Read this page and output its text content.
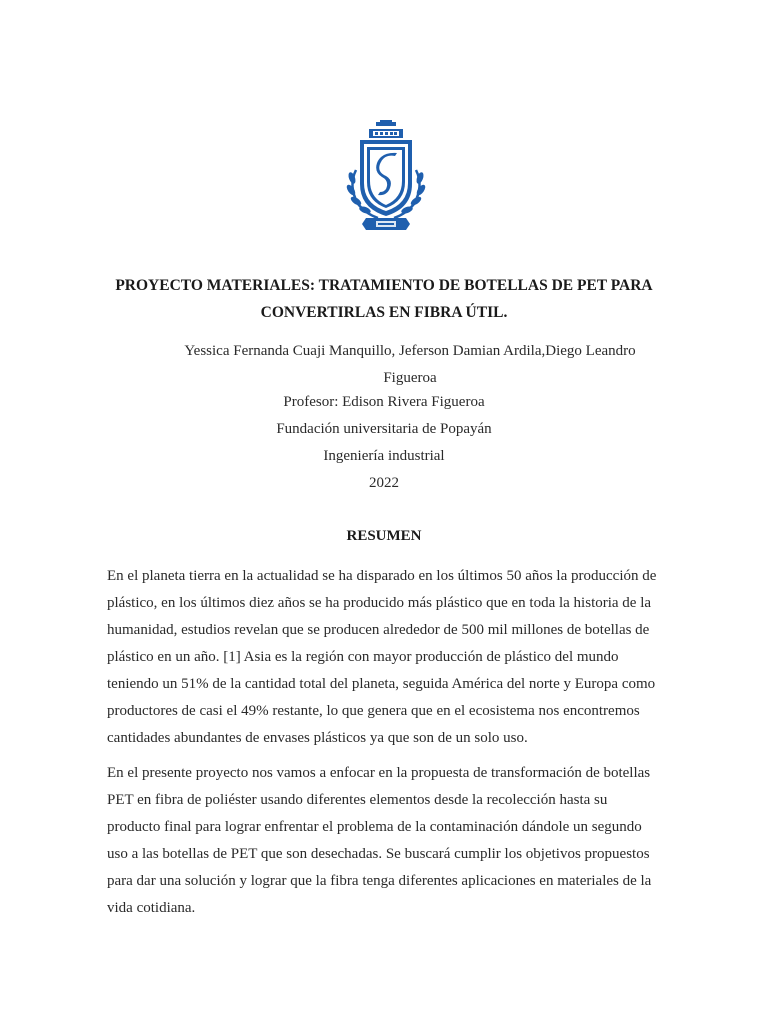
PROYECTO MATERIALES: TRATAMIENTO DE BOTELLAS DE PET PARA
CONVERTIRLAS EN FIBRA ÚTIL.

Yessica Fernanda Cuaji Manquillo, Jeferson Damian Ardila,Diego Leandro
Figueroa

Profesor: Edison Rivera Figueroa

Fundación universitaria de Popayán

Ingeniería industrial

2022

RESUMEN

En el planeta tierra en la actualidad se ha disparado en los últimos 50 años la producción de
plástico, en los últimos diez años se ha producido más plástico que en toda la historia de la
humanidad, estudios revelan que se producen alrededor de 500 mil millones de botellas de
plástico en un año. [1] Asia es la región con mayor producción de plástico del mundo
teniendo un 51% de la cantidad total del planeta, seguida América del norte y Europa como
productores de casi el 49% restante, lo que genera que en el ecosistema nos encontremos
cantidades abundantes de envases plásticos ya que son de un solo uso.

En el presente proyecto nos vamos a enfocar en la propuesta de transformación de botellas
PET en fibra de poliéster usando diferentes elementos desde la recolección hasta su
producto final para lograr enfrentar el problema de la contaminación dándole un segundo
uso a las botellas de PET que son desechadas. Se buscará cumplir los objetivos propuestos
para dar una solución y lograr que la fibra tenga diferentes aplicaciones en materiales de la
vida cotidiana.
